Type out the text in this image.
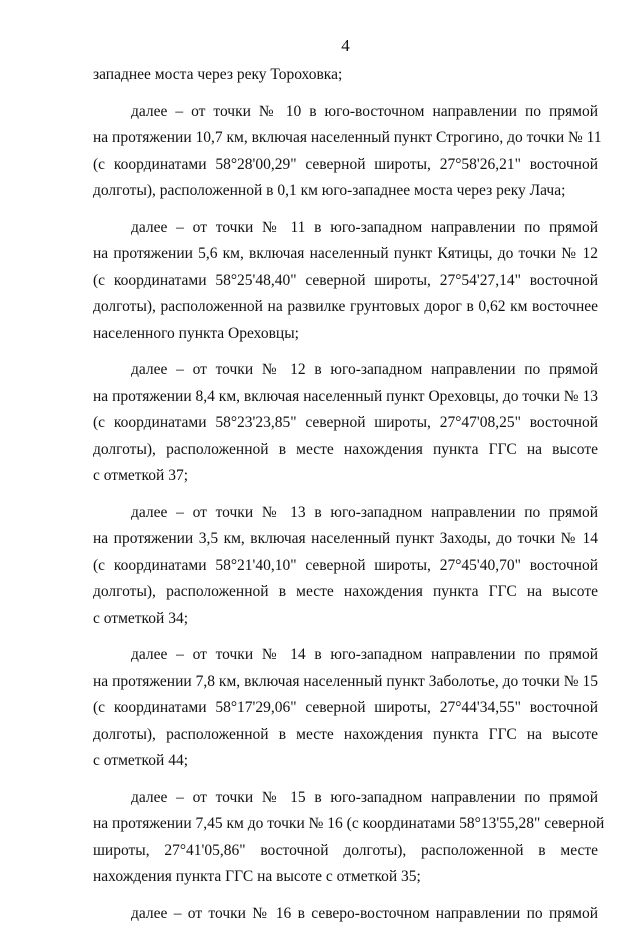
4
западнее моста через реку Тороховка;
далее – от точки № 10 в юго-восточном направлении по прямой
на протяжении 10,7 км, включая населенный пункт Строгино, до точки № 11
(с координатами 58°28'00,29" северной широты, 27°58'26,21" восточной
долготы), расположенной в 0,1 км юго-западнее моста через реку Лача;
далее – от точки № 11 в юго-западном направлении по прямой
на протяжении 5,6 км, включая населенный пункт Кятицы, до точки № 12
(с координатами 58°25'48,40" северной широты, 27°54'27,14" восточной
долготы), расположенной на развилке грунтовых дорог в 0,62 км восточнее
населенного пункта Ореховцы;
далее – от точки № 12 в юго-западном направлении по прямой
на протяжении 8,4 км, включая населенный пункт Ореховцы, до точки № 13
(с координатами 58°23'23,85" северной широты, 27°47'08,25" восточной
долготы), расположенной в месте нахождения пункта ГГС на высоте
с отметкой 37;
далее – от точки № 13 в юго-западном направлении по прямой
на протяжении 3,5 км, включая населенный пункт Заходы, до точки № 14
(с координатами 58°21'40,10" северной широты, 27°45'40,70" восточной
долготы), расположенной в месте нахождения пункта ГГС на высоте
с отметкой 34;
далее – от точки № 14 в юго-западном направлении по прямой
на протяжении 7,8 км, включая населенный пункт Заболотье, до точки № 15
(с координатами 58°17'29,06" северной широты, 27°44'34,55" восточной
долготы), расположенной в месте нахождения пункта ГГС на высоте
с отметкой 44;
далее – от точки № 15 в юго-западном направлении по прямой
на протяжении 7,45 км до точки № 16 (с координатами 58°13'55,28" северной
широты, 27°41'05,86" восточной долготы), расположенной в месте
нахождения пункта ГГС на высоте с отметкой 35;
далее – от точки № 16 в северо-восточном направлении по прямой
